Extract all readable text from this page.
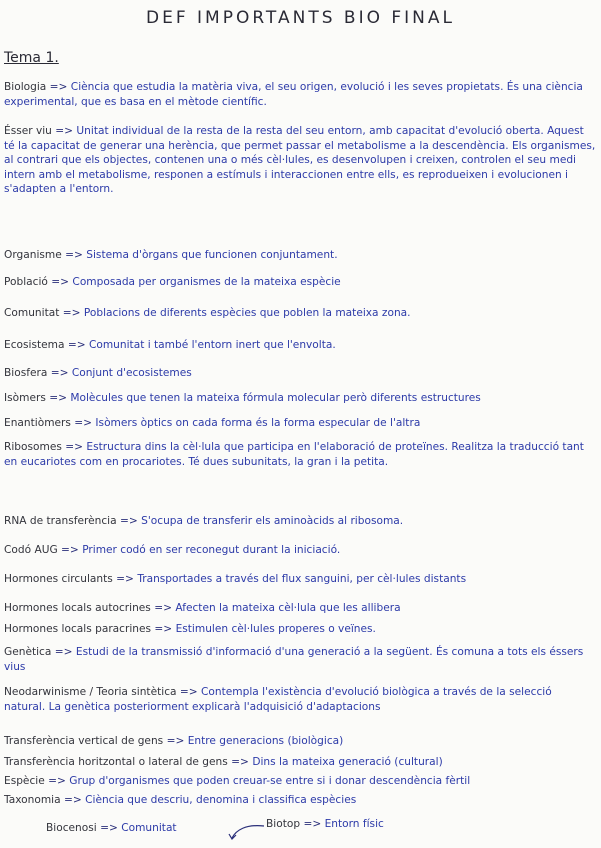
DEF IMPORTANTS BIO FINAL
Tema 1.
Biologia => Ciència que estudia la matèria viva, el seu origen, evolució i les seves propietats. És una ciència experimental, que es basa en el mètode científic.
Ésser viu => Unitat individual de la resta de la resta del seu entorn, amb capacitat d'evolució oberta. Aquest té la capacitat de generar una herència, que permet passar el metabolisme a la descendència. Els organismes, al contrari que els objectes, contenen una o més cèl·lules, es desenvolupen i creixen, controlen el seu medi intern amb el metabolisme, responen a estímuls i interaccionen entre ells, es reprodueixen i evolucionen i s'adapten a l'entorn.
Organisme => Sistema d'òrgans que funcionen conjuntament.
Població => Composada per organismes de la mateixa espècie
Comunitat => Poblacions de diferents espècies que poblen la mateixa zona.
Ecosistema => Comunitat i també l'entorn inert que l'envolta.
Biosfera => Conjunt d'ecosistemes
Isòmers => Molècules que tenen la mateixa fórmula molecular però diferents estructures
Enantiòmers => Isòmers òptics on cada forma és la forma especular de l'altra
Ribosomes => Estructura dins la cèl·lula que participa en l'elaboració de proteïnes. Realitza la traducció tant en eucariotes com en procariotes. Té dues subunitats, la gran i la petita.
RNA de transferència => S'ocupa de transferir els aminoàcids al ribosoma.
Codó AUG => Primer codó en ser reconegut durant la iniciació.
Hormones circulants => Transportades a través del flux sanguini, per cèl·lules distants
Hormones locals autocrines => Afecten la mateixa cèl·lula que les allibera
Hormones locals paracrines => Estimulen cèl·lules properes o veïnes.
Genètica => Estudi de la transmissió d'informació d'una generació a la següent. És comuna a tots els éssers vius
Neodarwinisme / Teoria sintètica => Contempla l'existència d'evolució biològica a través de la selecció natural. La genètica posteriorment explicarà l'adquisició d'adaptacions
Transferència vertical de gens => Entre generacions (biològica)
Transferència horitzontal o lateral de gens => Dins la mateixa generació (cultural)
Espècie => Grup d'organismes que poden creuar-se entre si i donar descendència fèrtil
Taxonomia => Ciència que descriu, denomina i classifica espècies
Biocenosi => Comunitat	Biotop => Entorn físic
